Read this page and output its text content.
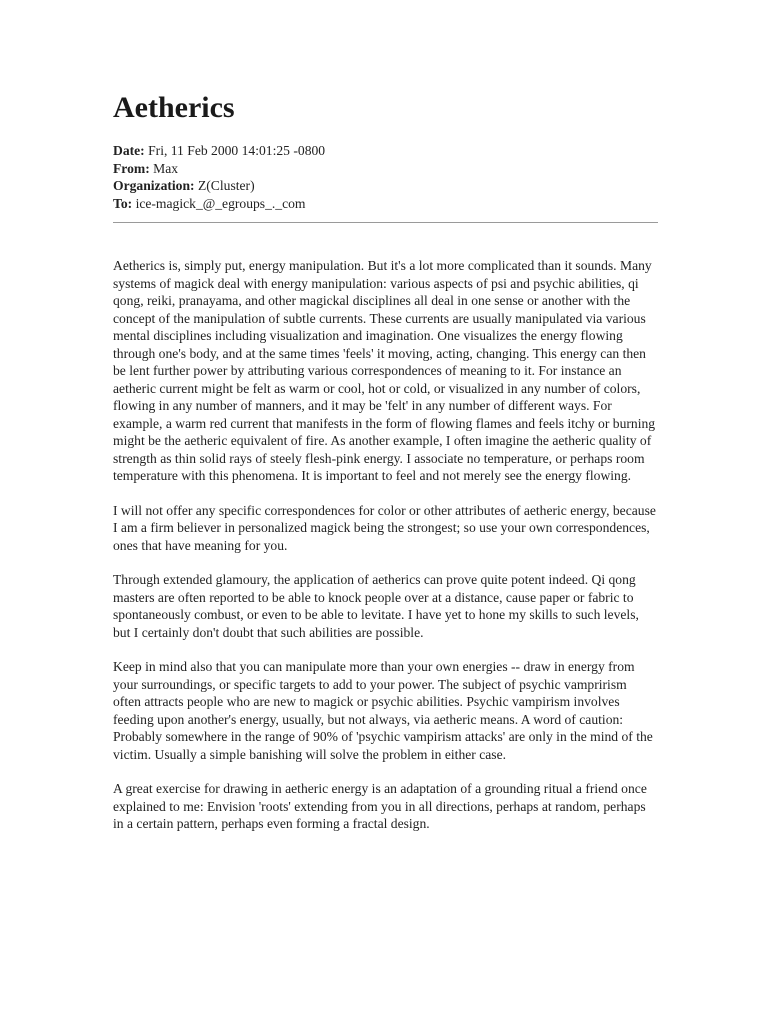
Aetherics
Date: Fri, 11 Feb 2000 14:01:25 -0800
From: Max
Organization: Z(Cluster)
To: ice-magick_@_egroups_._com

Aetherics is, simply put, energy manipulation. But it's a lot more complicated than it sounds. Many systems of magick deal with energy manipulation: various aspects of psi and psychic abilities, qi qong, reiki, pranayama, and other magickal disciplines all deal in one sense or another with the concept of the manipulation of subtle currents. These currents are usually manipulated via various mental disciplines including visualization and imagination. One visualizes the energy flowing through one's body, and at the same times 'feels' it moving, acting, changing. This energy can then be lent further power by attributing various correspondences of meaning to it. For instance an aetheric current might be felt as warm or cool, hot or cold, or visualized in any number of colors, flowing in any number of manners, and it may be 'felt' in any number of different ways. For example, a warm red current that manifests in the form of flowing flames and feels itchy or burning might be the aetheric equivalent of fire. As another example, I often imagine the aetheric quality of strength as thin solid rays of steely flesh-pink energy. I associate no temperature, or perhaps room temperature with this phenomena. It is important to feel and not merely see the energy flowing.

I will not offer any specific correspondences for color or other attributes of aetheric energy, because I am a firm believer in personalized magick being the strongest; so use your own correspondences, ones that have meaning for you.

Through extended glamoury, the application of aetherics can prove quite potent indeed. Qi qong masters are often reported to be able to knock people over at a distance, cause paper or fabric to spontaneously combust, or even to be able to levitate. I have yet to hone my skills to such levels, but I certainly don't doubt that such abilities are possible.

Keep in mind also that you can manipulate more than your own energies -- draw in energy from your surroundings, or specific targets to add to your power. The subject of psychic vamprirism often attracts people who are new to magick or psychic abilities. Psychic vampirism involves feeding upon another's energy, usually, but not always, via aetheric means. A word of caution: Probably somewhere in the range of 90% of 'psychic vampirism attacks' are only in the mind of the victim. Usually a simple banishing will solve the problem in either case.

A great exercise for drawing in aetheric energy is an adaptation of a grounding ritual a friend once explained to me: Envision 'roots' extending from you in all directions, perhaps at random, perhaps in a certain pattern, perhaps even forming a fractal design.
